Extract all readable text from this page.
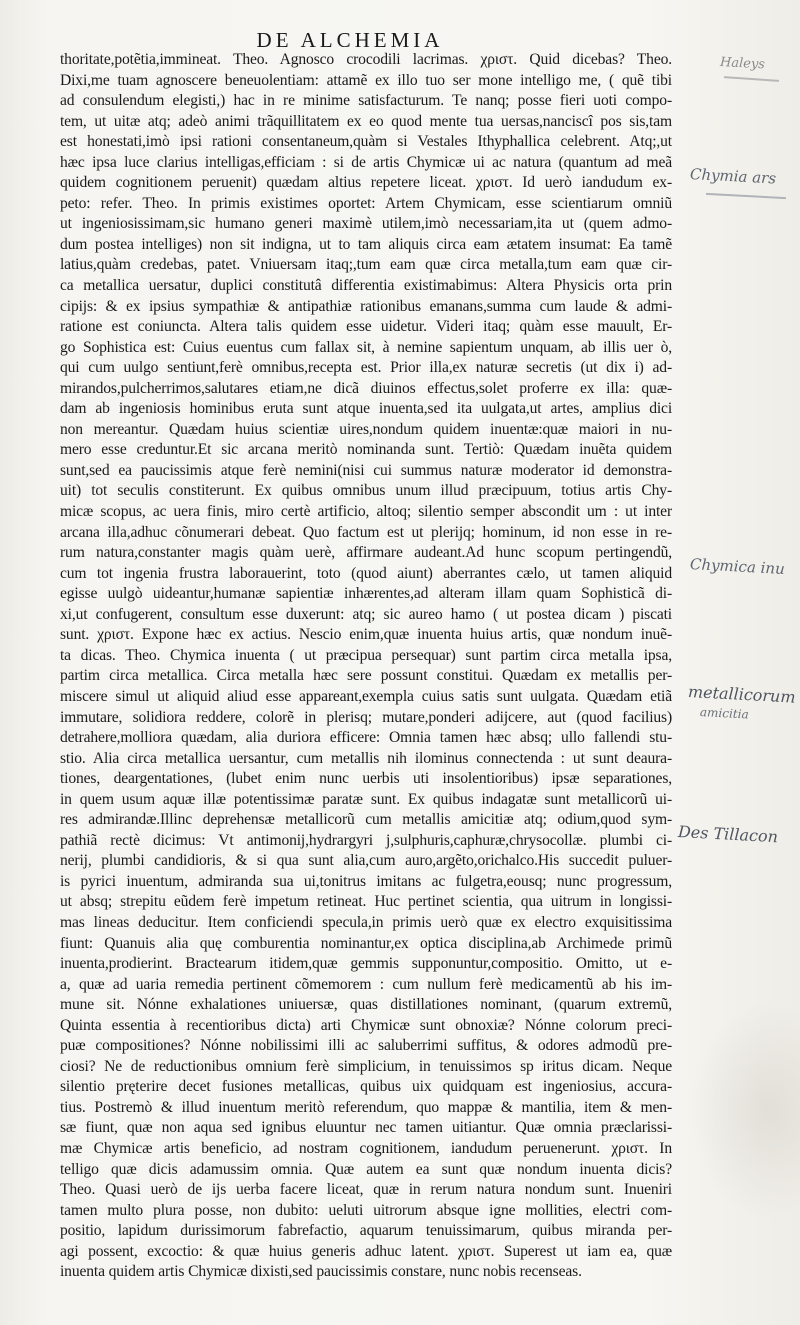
DE ALCHEMIA
thoritate,potẽtia,immineat. Theo. Agnosco crocodili lacrimas. χριστ. Quid dicebas? Theo.
Dixi,me tuam agnoscere beneuolentiam: attamẽ ex illo tuo ser mone intelligo me, ( quẽ tibi
ad consulendum elegisti,) hac in re minime satisfacturum. Te nanq; posse fieri uoti compo-
tem, ut uitæ atq; adeò animi trãquillitatem ex eo quod mente tua uersas,nanciscî pos sis,tam
est honestati,imò ipsi rationi consentaneum,quàm si Vestales Ithyphallica celebrent. Atq;,ut
hæc ipsa luce clarius intelligas,efficiam : si de artis Chymicæ ui ac natura (quantum ad meã
quidem cognitionem peruenit) quædam altius repetere liceat. χριστ. Id uerò iandudum ex-
peto: refer. Theo. In primis existimes oportet: Artem Chymicam, esse scientiarum omniũ
ut ingeniosissimam,sic humano generi maximè utilem,imò necessariam,ita ut (quem admo-
dum postea intelliges) non sit indigna, ut to tam aliquis circa eam ætatem insumat: Ea tamẽ
latius,quàm credebas, patet. Vniuersam itaq;,tum eam quæ circa metalla,tum eam quæ cir-
ca metallica uersatur, duplici constitutâ differentia existimabimus: Altera Physicis orta prin
cipijs: & ex ipsius sympathiæ & antipathiæ rationibus emanans,summa cum laude & admi-
ratione est coniuncta. Altera talis quidem esse uidetur. Videri itaq; quàm esse mauult, Er-
go Sophistica est: Cuius euentus cum fallax sit, à nemine sapientum unquam, ab illis uer ò,
qui cum uulgo sentiunt,ferè omnibus,recepta est. Prior illa,ex naturæ secretis (ut dix i) ad-
mirandos,pulcherrimos,salutares etiam,ne dicã diuinos effectus,solet proferre ex illa: quæ-
dam ab ingeniosis hominibus eruta sunt atque inuenta,sed ita uulgata,ut artes, amplius dici
non mereantur. Quædam huius scientiæ uires,nondum quidem inuentæ:quæ maiori in nu-
mero esse creduntur.Et sic arcana meritò nominanda sunt. Tertiò: Quædam inuẽta quidem
sunt,sed ea paucissimis atque ferè nemini(nisi cui summus naturæ moderator id demonstra-
uit) tot seculis constiterunt. Ex quibus omnibus unum illud præcipuum, totius artis Chy-
micæ scopus, ac uera finis, miro certè artificio, altoq; silentio semper abscondit um : ut inter
arcana illa,adhuc cõnumerari debeat. Quo factum est ut plerijq; hominum, id non esse in re-
rum natura,constanter magis quàm uerè, affirmare audeant.Ad hunc scopum pertingendũ,
cum tot ingenia frustra laborauerint, toto (quod aiunt) aberrantes cælo, ut tamen aliquid
egisse uulgò uideantur,humanæ sapientiæ inhærentes,ad alteram illam quam Sophisticã di-
xi,ut confugerent, consultum esse duxerunt: atq; sic aureo hamo ( ut postea dicam ) piscati
sunt. χριστ. Expone hæc ex actius. Nescio enim,quæ inuenta huius artis, quæ nondum inuẽ-
ta dicas. Theo. Chymica inuenta ( ut præcipua persequar) sunt partim circa metalla ipsa,
partim circa metallica. Circa metalla hæc sere possunt constitui. Quædam ex metallis per-
miscere simul ut aliquid aliud esse appareant,exempla cuius satis sunt uulgata. Quædam etiã
immutare, solidiora reddere, colorẽ in plerisq; mutare,ponderi adijcere, aut (quod facilius)
detrahere,molliora quædam, alia duriora efficere: Omnia tamen hæc absq; ullo fallendi stu-
stio. Alia circa metallica uersantur, cum metallis nih ilominus connectenda : ut sunt deaura-
tiones, deargentationes, (lubet enim nunc uerbis uti insolentioribus) ipsæ separationes,
in quem usum aquæ illæ potentissimæ paratæ sunt. Ex quibus indagatæ sunt metallicorũ ui-
res admirandæ.Illinc deprehensæ metallicorũ cum metallis amicitiæ atq; odium,quod sym-
pathiã rectè dicimus: Vt antimonij,hydrargyri j,sulphuris,caphuræ,chrysocollæ. plumbi ci-
nerij, plumbi candidioris, & si qua sunt alia,cum auro,argẽto,orichalco.His succedit puluer-
is pyrici inuentum, admiranda sua ui,tonitrus imitans ac fulgetra,eousq; nunc progressum,
ut absq; strepitu eũdem ferè impetum retineat. Huc pertinet scientia, qua uitrum in longissi-
mas lineas deducitur. Item conficiendi specula,in primis uerò quæ ex electro exquisitissima
fiunt: Quanuis alia quę comburentia nominantur,ex optica disciplina,ab Archimede primũ
inuenta,prodierint. Bractearum itidem,quæ gemmis supponuntur,compositio. Omitto, ut e-
a, quæ ad uaria remedia pertinent cõmemorem : cum nullum ferè medicamentũ ab his im-
mune sit. Nónne exhalationes uniuersæ, quas distillationes nominant, (quarum extremũ,
Quinta essentia à recentioribus dicta) arti Chymicæ sunt obnoxiæ? Nónne colorum preci-
puæ compositiones? Nónne nobilissimi illi ac saluberrimi suffitus, & odores admodũ pre-
ciosi? Ne de reductionibus omnium ferè simplicium, in tenuissimos sp iritus dicam. Neque
silentio pręterire decet fusiones metallicas, quibus uix quidquam est ingeniosius, accura-
tius. Postremò & illud inuentum meritò referendum, quo mappæ & mantilia, item & men-
sæ fiunt, quæ non aqua sed ignibus eluuntur nec tamen uitiantur. Quæ omnia præclarissi-
mæ Chymicæ artis beneficio, ad nostram cognitionem, iandudum peruenerunt. χριστ. In
telligo quæ dicis adamussim omnia. Quæ autem ea sunt quæ nondum inuenta dicis?
Theo. Quasi uerò de ijs uerba facere liceat, quæ in rerum natura nondum sunt. Inueniri
tamen multo plura posse, non dubito: ueluti uitrorum absque igne mollities, electri com-
positio, lapidum durissimorum fabrefactio, aquarum tenuissimarum, quibus miranda per-
agi possent, excoctio: & quæ huius generis adhuc latent. χριστ. Superest ut iam ea, quæ
inuenta quidem artis Chymicæ dixisti,sed paucissimis constare, nunc nobis recenseas.
Haleys
Chymia ars
Chymica inu
metallicorum
amicitia
Des Tillacon
